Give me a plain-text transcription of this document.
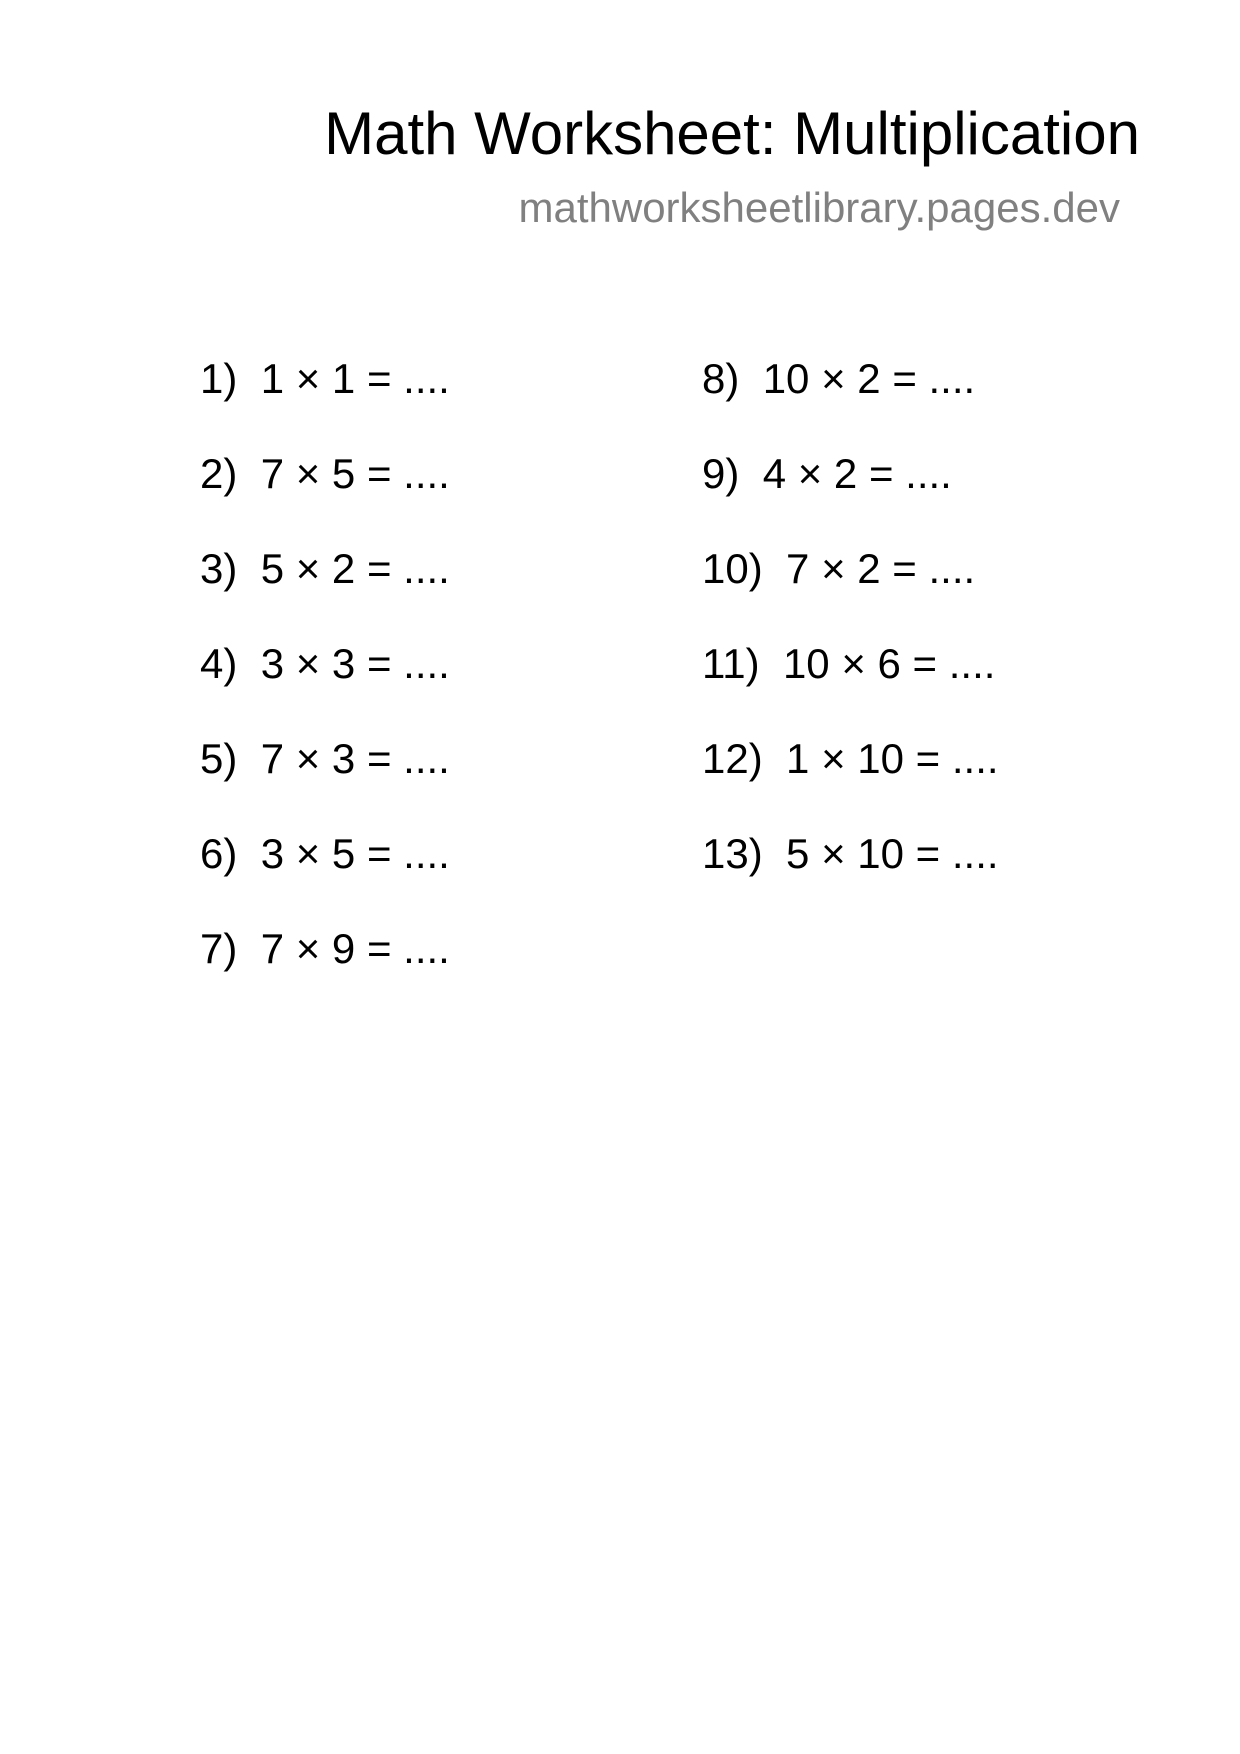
Math Worksheet: Multiplication
mathworksheetlibrary.pages.dev
1) 1 × 1 = ....
2) 7 × 5 = ....
3) 5 × 2 = ....
4) 3 × 3 = ....
5) 7 × 3 = ....
6) 3 × 5 = ....
7) 7 × 9 = ....
8) 10 × 2 = ....
9) 4 × 2 = ....
10) 7 × 2 = ....
11) 10 × 6 = ....
12) 1 × 10 = ....
13) 5 × 10 = ....
